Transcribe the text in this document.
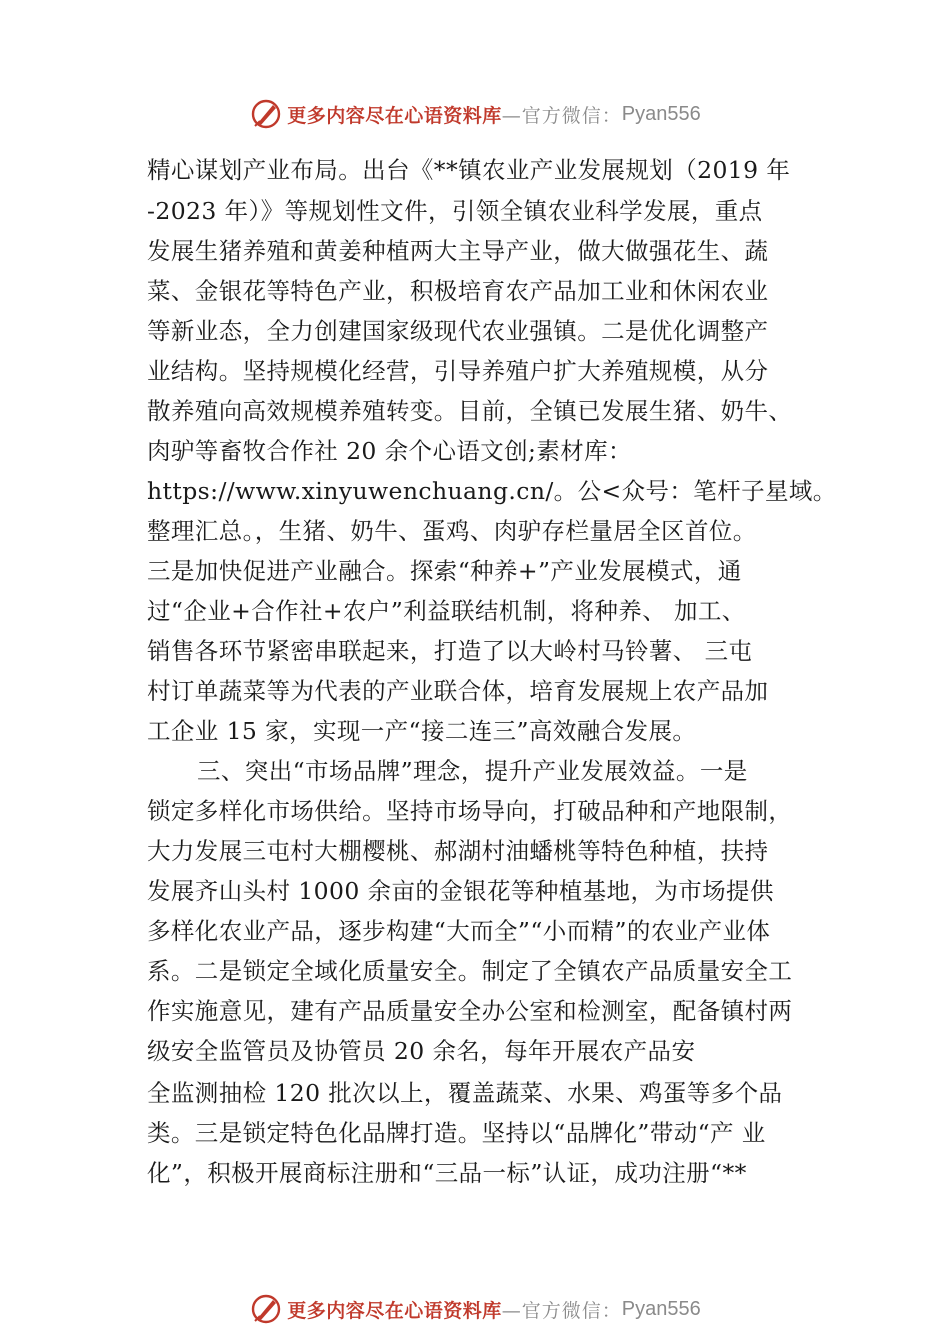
更多内容尽在心语资料库 —官方微信： Pyan556
精心谋划产业布局。出台《**镇农业产业发展规划（2019 年
-2023 年）》等规划性文件，引领全镇农业科学发展，重点
发展生猪养殖和黄姜种植两大主导产业，做大做强花生、蔬
菜、金银花等特色产业，积极培育农产品加工业和休闲农业
等新业态，全力创建国家级现代农业强镇。二是优化调整产
业结构。坚持规模化经营，引导养殖户扩大养殖规模，从分
散养殖向高效规模养殖转变。目前，全镇已发展生猪、奶牛、
肉驴等畜牧合作社 20 余个心语文创;素材库：
https://www.xinyuwenchuang.cn/。公<众号：笔杆子星域。
整理汇总。，生猪、奶牛、蛋鸡、肉驴存栏量居全区首位。
三是加快促进产业融合。探索“种养+”产业发展模式，通
过“企业+合作社+农户”利益联结机制，将种养、 加工、
销售各环节紧密串联起来，打造了以大岭村马铃薯、 三屯
村订单蔬菜等为代表的产业联合体，培育发展规上农产品加
工企业 15 家，实现一产“接二连三”高效融合发展。
三、突出“市场品牌”理念，提升产业发展效益。一是
锁定多样化市场供给。坚持市场导向，打破品种和产地限制，
大力发展三屯村大棚樱桃、郝湖村油蟠桃等特色种植，扶持
发展齐山头村 1000 余亩的金银花等种植基地，为市场提供
多样化农业产品，逐步构建“大而全”“小而精”的农业产业体
系。二是锁定全域化质量安全。制定了全镇农产品质量安全工
作实施意见，建有产品质量安全办公室和检测室，配备镇村两
级安全监管员及协管员 20 余名，每年开展农产品安
全监测抽检 120 批次以上，覆盖蔬菜、水果、鸡蛋等多个品
类。三是锁定特色化品牌打造。坚持以“品牌化”带动“产 业
化”，积极开展商标注册和“三品一标”认证，成功注册“**
更多内容尽在心语资料库 —官方微信： Pyan556
